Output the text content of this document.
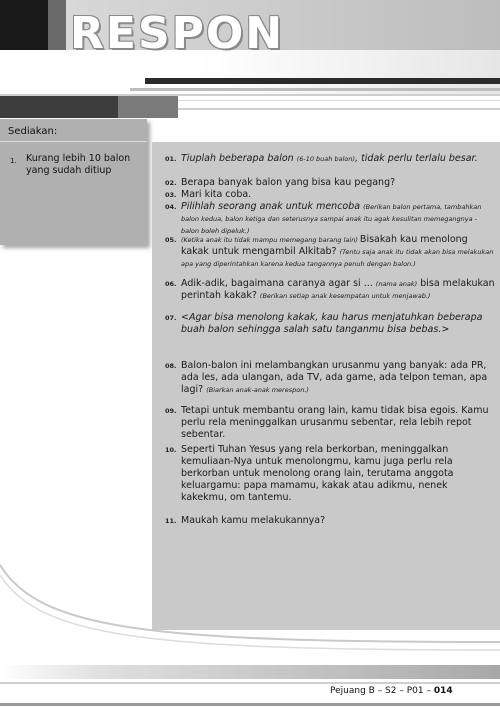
RESPON
Sediakan:
1. Kurang lebih 10 balon yang sudah ditiup
01. Tiuplah beberapa balon (6-10 buah balon), tidak perlu terlalu besar.
02. Berapa banyak balon yang bisa kau pegang?
03. Mari kita coba.
04. Pilihlah seorang anak untuk mencoba (Berikan balon pertama, tambahkan balon kedua, balon ketiga dan seterusnya sampai anak itu agak kesulitan memegangnya - balon boleh dipeluk.)
05. (Ketika anak itu tidak mampu memegang barang lain) Bisakah kau menolong kakak untuk mengambil Alkitab? (Tentu saja anak itu tidak akan bisa melakukan apa yang diperintahkan karena kedua tangannya penuh dengan balon.)
06. Adik-adik, bagaimana caranya agar si ... (nama anak) bisa melakukan perintah kakak? (Berikan setiap anak kesempatan untuk menjawab.)
07. <Agar bisa menolong kakak, kau harus menjatuhkan beberapa buah balon sehingga salah satu tanganmu bisa bebas.>
08. Balon-balon ini melambangkan urusanmu yang banyak: ada PR, ada les, ada ulangan, ada TV, ada game, ada telpon teman, apa lagi? (Biarkan anak-anak merespon.)
09. Tetapi untuk membantu orang lain, kamu tidak bisa egois. Kamu perlu rela meninggalkan urusanmu sebentar, rela lebih repot sebentar.
10. Seperti Tuhan Yesus yang rela berkorban, meninggalkan kemuliaan-Nya untuk menolongmu, kamu juga perlu rela berkorban untuk menolong orang lain, terutama anggota keluargamu: papa mamamu, kakak atau adikmu, nenek kakekmu, om tantemu.
11. Maukah kamu melakukannya?
Pejuang B – S2 – P01 – 014
